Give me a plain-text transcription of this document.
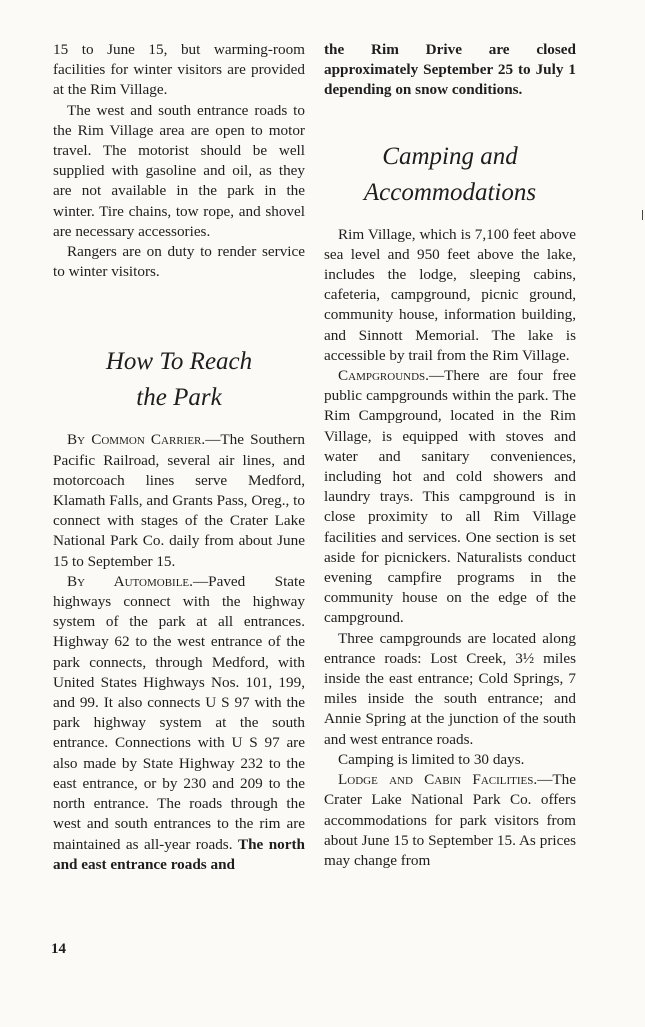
15 to June 15, but warming-room facilities for winter visitors are provided at the Rim Village.

The west and south entrance roads to the Rim Village area are open to motor travel. The motorist should be well supplied with gasoline and oil, as they are not available in the park in the winter. Tire chains, tow rope, and shovel are necessary accessories.

Rangers are on duty to render service to winter visitors.

How To Reach

the Park

By Common Carrier.—The Southern Pacific Railroad, several air lines, and motorcoach lines serve Medford, Klamath Falls, and Grants Pass, Oreg., to connect with stages of the Crater Lake National Park Co. daily from about June 15 to September 15.

By Automobile.—Paved State highways connect with the highway system of the park at all entrances. Highway 62 to the west entrance of the park connects, through Medford, with United States Highways Nos. 101, 199, and 99. It also connects U S 97 with the park highway system at the south entrance. Connections with U S 97 are also made by State Highway 232 to the east entrance, or by 230 and 209 to the north entrance. The roads through the west and south entrances to the rim are maintained as all-year roads. The north and east entrance roads and

the Rim Drive are closed approximately September 25 to July 1 depending on snow conditions.

Camping and

Accommodations

Rim Village, which is 7,100 feet above sea level and 950 feet above the lake, includes the lodge, sleeping cabins, cafeteria, campground, picnic ground, community house, information building, and Sinnott Memorial. The lake is accessible by trail from the Rim Village.

Campgrounds.—There are four free public campgrounds within the park. The Rim Campground, located in the Rim Village, is equipped with stoves and water and sanitary conveniences, including hot and cold showers and laundry trays. This campground is in close proximity to all Rim Village facilities and services. One section is set aside for picnickers. Naturalists conduct evening campfire programs in the community house on the edge of the campground.

Three campgrounds are located along entrance roads: Lost Creek, 3½ miles inside the east entrance; Cold Springs, 7 miles inside the south entrance; and Annie Spring at the junction of the south and west entrance roads.

Camping is limited to 30 days.

Lodge and Cabin Facilities.—The Crater Lake National Park Co. offers accommodations for park visitors from about June 15 to September 15. As prices may change from

14
